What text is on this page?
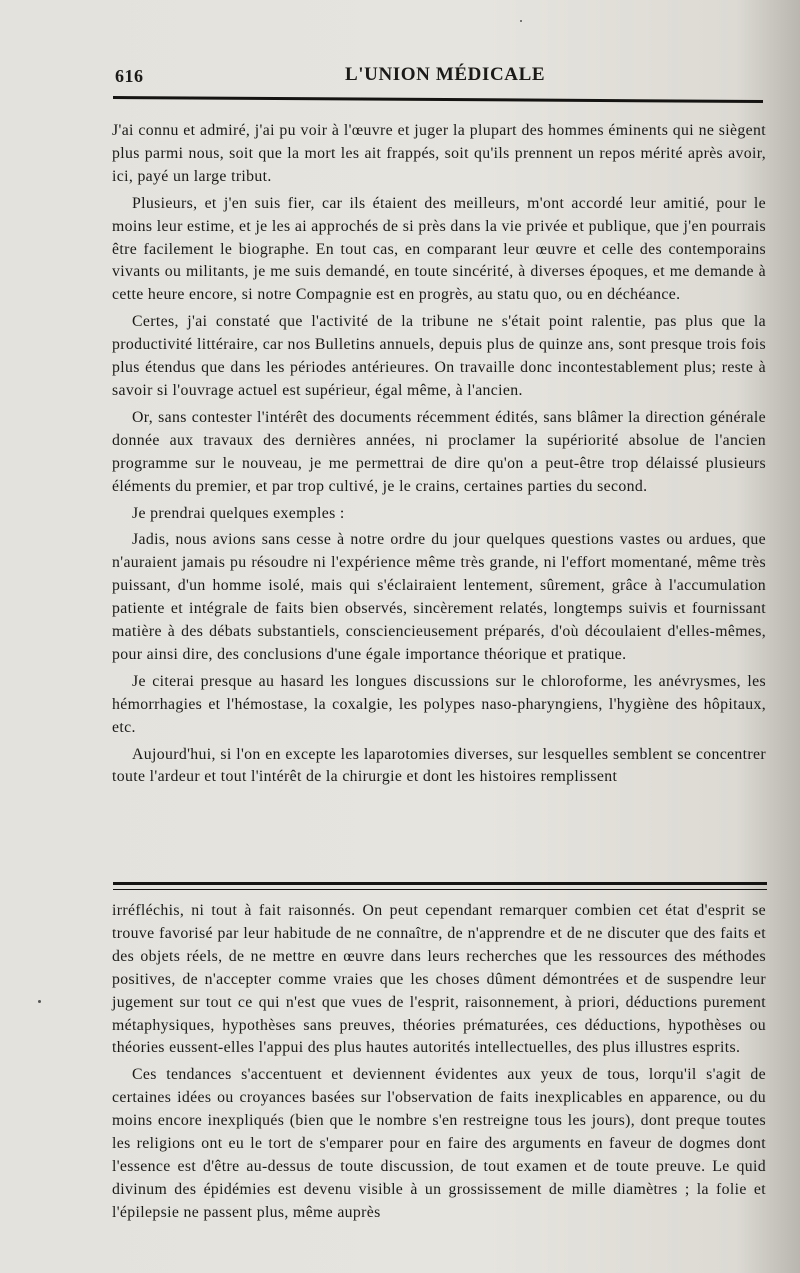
616	L'UNION MÉDICALE

J'ai connu et admiré, j'ai pu voir à l'œuvre et juger la plupart des hommes éminents qui ne siègent plus parmi nous, soit que la mort les ait frappés, soit qu'ils prennent un repos mérité après avoir, ici, payé un large tribut.

Plusieurs, et j'en suis fier, car ils étaient des meilleurs, m'ont accordé leur amitié, pour le moins leur estime, et je les ai approchés de si près dans la vie privée et publique, que j'en pourrais être facilement le biographe. En tout cas, en comparant leur œuvre et celle des contemporains vivants ou militants, je me suis demandé, en toute sincérité, à diverses époques, et me demande à cette heure encore, si notre Compagnie est en progrès, au statu quo, ou en déchéance.

Certes, j'ai constaté que l'activité de la tribune ne s'était point ralentie, pas plus que la productivité littéraire, car nos Bulletins annuels, depuis plus de quinze ans, sont presque trois fois plus étendus que dans les périodes antérieures. On travaille donc incontestablement plus; reste à savoir si l'ouvrage actuel est supérieur, égal même, à l'ancien.

Or, sans contester l'intérêt des documents récemment édités, sans blâmer la direction générale donnée aux travaux des dernières années, ni proclamer la supériorité absolue de l'ancien programme sur le nouveau, je me permettrai de dire qu'on a peut-être trop délaissé plusieurs éléments du premier, et par trop cultivé, je le crains, certaines parties du second.

Je prendrai quelques exemples :

Jadis, nous avions sans cesse à notre ordre du jour quelques questions vastes ou ardues, que n'auraient jamais pu résoudre ni l'expérience même très grande, ni l'effort momentané, même très puissant, d'un homme isolé, mais qui s'éclairaient lentement, sûrement, grâce à l'accumulation patiente et intégrale de faits bien observés, sincèrement relatés, longtemps suivis et fournissant matière à des débats substantiels, consciencieusement préparés, d'où découlaient d'elles-mêmes, pour ainsi dire, des conclusions d'une égale importance théorique et pratique.

Je citerai presque au hasard les longues discussions sur le chloroforme, les anévrysmes, les hémorrhagies et l'hémostase, la coxalgie, les polypes naso-pharyngiens, l'hygiène des hôpitaux, etc.

Aujourd'hui, si l'on en excepte les laparotomies diverses, sur lesquelles semblent se concentrer toute l'ardeur et tout l'intérêt de la chirurgie et dont les histoires remplissent

irréfléchis, ni tout à fait raisonnés. On peut cependant remarquer combien cet état d'esprit se trouve favorisé par leur habitude de ne connaître, de n'apprendre et de ne discuter que des faits et des objets réels, de ne mettre en œuvre dans leurs recherches que les ressources des méthodes positives, de n'accepter comme vraies que les choses dûment démontrées et de suspendre leur jugement sur tout ce qui n'est que vues de l'esprit, raisonnement, à priori, déductions purement métaphysiques, hypothèses sans preuves, théories prématurées, ces déductions, hypothèses ou théories eussent-elles l'appui des plus hautes autorités intellectuelles, des plus illustres esprits.

Ces tendances s'accentuent et deviennent évidentes aux yeux de tous, lorqu'il s'agit de certaines idées ou croyances basées sur l'observation de faits inexplicables en apparence, ou du moins encore inexpliqués (bien que le nombre s'en restreigne tous les jours), dont preque toutes les religions ont eu le tort de s'emparer pour en faire des arguments en faveur de dogmes dont l'essence est d'être au-dessus de toute discussion, de tout examen et de toute preuve. Le quid divinum des épidémies est devenu visible à un grossissement de mille diamètres ; la folie et l'épilepsie ne passent plus, même auprès
